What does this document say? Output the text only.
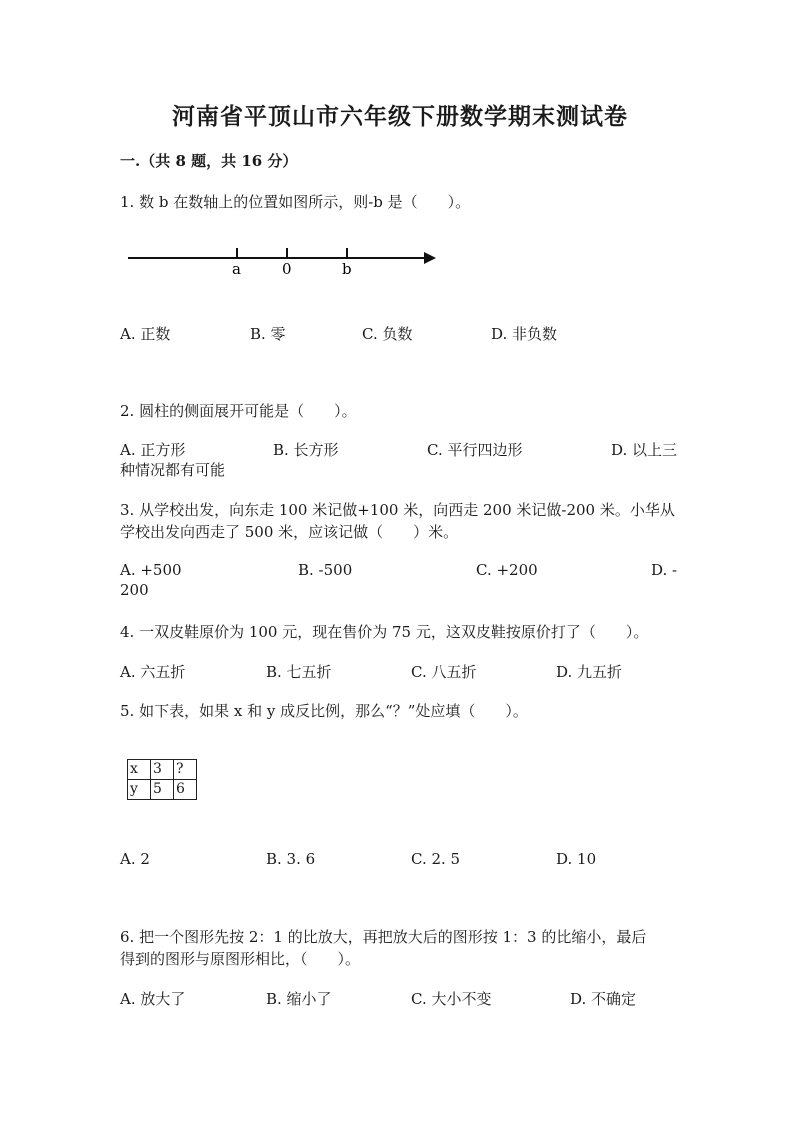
河南省平顶山市六年级下册数学期末测试卷
一.（共 8 题，共 16 分）
1. 数 b 在数轴上的位置如图所示，则-b 是（　　）。
a	0	b
A. 正数	B. 零	C. 负数	D. 非负数
2. 圆柱的侧面展开可能是（　　）。
A. 正方形	B. 长方形	C. 平行四边形	D. 以上三
种情况都有可能
3. 从学校出发，向东走 100 米记做+100 米，向西走 200 米记做-200 米。小华从
学校出发向西走了 500 米，应该记做（　　）米。
A. +500	B. -500	C. +200	D. -
200
4. 一双皮鞋原价为 100 元，现在售价为 75 元，这双皮鞋按原价打了（　　）。
A. 六五折	B. 七五折	C. 八五折	D. 九五折
5. 如下表，如果 x 和 y 成反比例，那么“？”处应填（　　）。
x	3	?
y	5	6
A. 2	B. 3. 6	C. 2. 5	D. 10
6. 把一个图形先按 2：1 的比放大，再把放大后的图形按 1：3 的比缩小，最后
得到的图形与原图形相比，（　　）。
A. 放大了	B. 缩小了	C. 大小不变	D. 不确定
